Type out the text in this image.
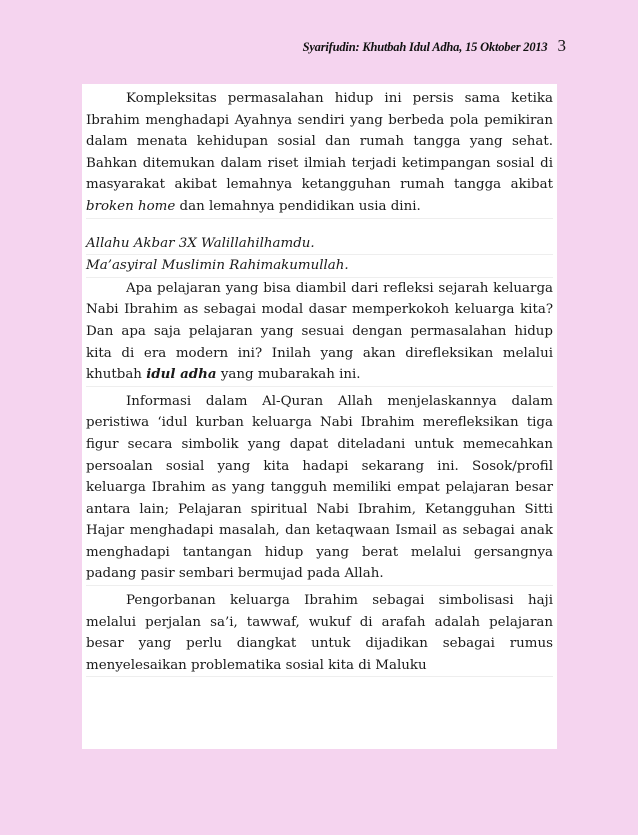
Syarifudin: Khutbah Idul Adha, 15 Oktober 2013 3

Kompleksitas permasalahan hidup ini persis sama ketika Ibrahim menghadapi Ayahnya sendiri yang berbeda pola pemikiran dalam menata kehidupan sosial dan rumah tangga yang sehat. Bahkan ditemukan dalam riset ilmiah terjadi ketimpangan sosial di masyarakat akibat lemahnya ketangguhan rumah tangga akibat broken home dan lemahnya pendidikan usia dini.

Allahu Akbar 3X Walillahilhamdu.

Ma’asyiral Muslimin Rahimakumullah.

Apa pelajaran yang bisa diambil dari refleksi sejarah keluarga Nabi Ibrahim as sebagai modal dasar memperkokoh keluarga kita? Dan apa saja pelajaran yang sesuai dengan permasalahan hidup kita di era modern ini? Inilah yang akan direfleksikan melalui khutbah idul adha yang mubarakah ini.

Informasi dalam Al-Quran Allah menjelaskannya dalam peristiwa ‘idul kurban keluarga Nabi Ibrahim merefleksikan tiga figur secara simbolik yang dapat diteladani untuk memecahkan persoalan sosial yang kita hadapi sekarang ini. Sosok/profil keluarga Ibrahim as yang tangguh memiliki empat pelajaran besar antara lain; Pelajaran spiritual Nabi Ibrahim, Ketangguhan Sitti Hajar menghadapi masalah, dan ketaqwaan Ismail as sebagai anak menghadapi tantangan hidup yang berat melalui gersangnya padang pasir sembari bermujad pada Allah.

Pengorbanan keluarga Ibrahim sebagai simbolisasi haji melalui perjalan sa’i, tawwaf, wukuf di arafah adalah pelajaran besar yang perlu diangkat untuk dijadikan sebagai rumus menyelesaikan problematika sosial kita di Maluku
